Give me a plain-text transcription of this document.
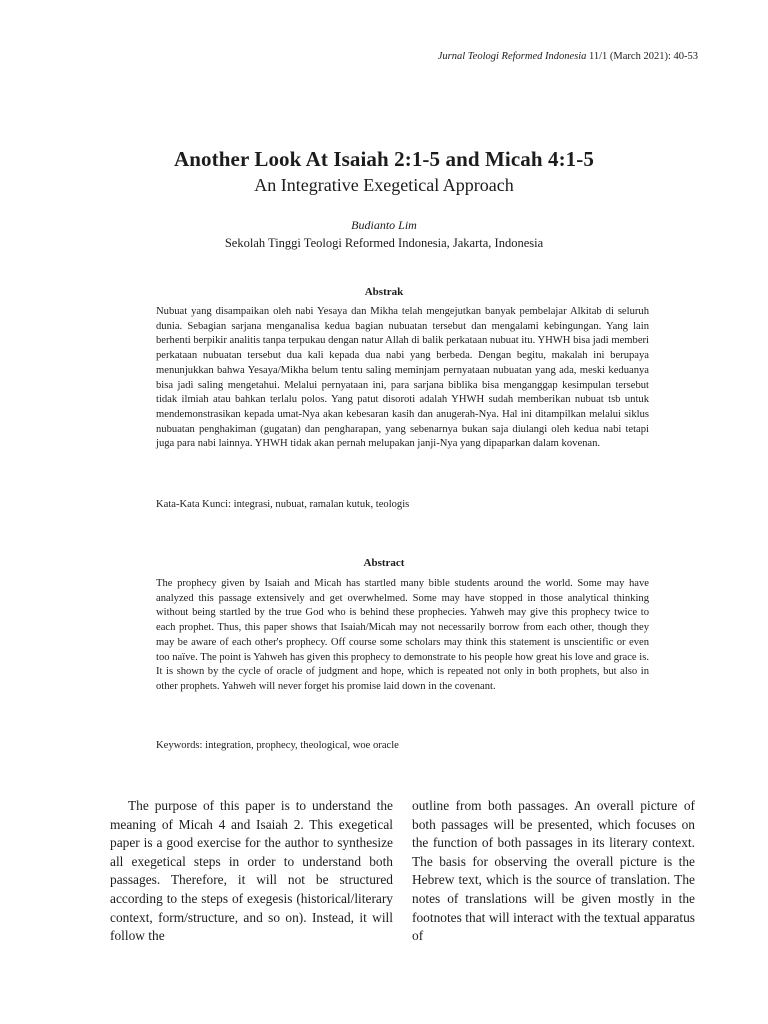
Jurnal Teologi Reformed Indonesia 11/1 (March 2021): 40-53
Another Look At Isaiah 2:1-5 and Micah 4:1-5
An Integrative Exegetical Approach
Budianto Lim
Sekolah Tinggi Teologi Reformed Indonesia, Jakarta, Indonesia
Abstrak
Nubuat yang disampaikan oleh nabi Yesaya dan Mikha telah mengejutkan banyak pembelajar Alkitab di seluruh dunia. Sebagian sarjana menganalisa kedua bagian nubuatan tersebut dan mengalami kebingungan. Yang lain berhenti berpikir analitis tanpa terpukau dengan natur Allah di balik perkataan nubuat itu. YHWH bisa jadi memberi perkataan nubuatan tersebut dua kali kepada dua nabi yang berbeda. Dengan begitu, makalah ini berupaya menunjukkan bahwa Yesaya/Mikha belum tentu saling meminjam pernyataan nubuatan yang ada, meski keduanya bisa jadi saling mengetahui. Melalui pernyataan ini, para sarjana biblika bisa menganggap kesimpulan tersebut tidak ilmiah atau bahkan terlalu polos. Yang patut disoroti adalah YHWH sudah memberikan nubuat tsb untuk mendemonstrasikan kepada umat-Nya akan kebesaran kasih dan anugerah-Nya. Hal ini ditampilkan melalui siklus nubuatan penghakiman (gugatan) dan pengharapan, yang sebenarnya bukan saja diulangi oleh kedua nabi tetapi juga para nabi lainnya. YHWH tidak akan pernah melupakan janji-Nya yang dipaparkan dalam kovenan.
Kata-Kata Kunci: integrasi, nubuat, ramalan kutuk, teologis
Abstract
The prophecy given by Isaiah and Micah has startled many bible students around the world. Some may have analyzed this passage extensively and get overwhelmed. Some may have stopped in those analytical thinking without being startled by the true God who is behind these prophecies. Yahweh may give this prophecy twice to each prophet. Thus, this paper shows that Isaiah/Micah may not necessarily borrow from each other, though they may be aware of each other's prophecy. Off course some scholars may think this statement is unscientific or even too naïve. The point is Yahweh has given this prophecy to demonstrate to his people how great his love and grace is. It is shown by the cycle of oracle of judgment and hope, which is repeated not only in both prophets, but also in other prophets. Yahweh will never forget his promise laid down in the covenant.
Keywords: integration, prophecy, theological, woe oracle
The purpose of this paper is to understand the meaning of Micah 4 and Isaiah 2. This exegetical paper is a good exercise for the author to synthesize all exegetical steps in order to understand both passages. Therefore, it will not be structured according to the steps of exegesis (historical/literary context, form/structure, and so on). Instead, it will follow the
outline from both passages. An overall picture of both passages will be presented, which focuses on the function of both passages in its literary context. The basis for observing the overall picture is the Hebrew text, which is the source of translation. The notes of translations will be given mostly in the footnotes that will interact with the textual apparatus of
